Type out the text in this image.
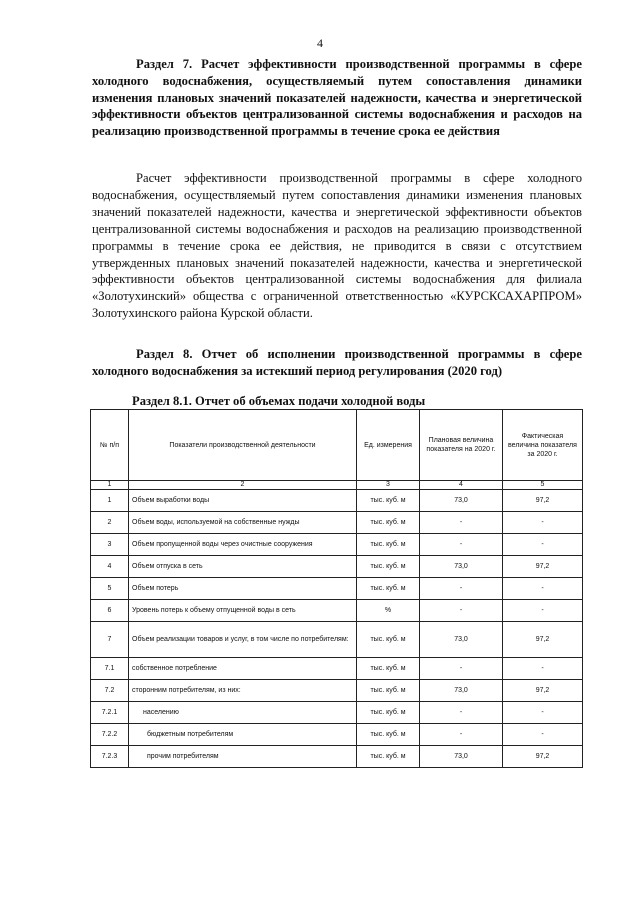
4
Раздел 7. Расчет эффективности производственной программы в сфере холодного водоснабжения, осуществляемый путем сопоставления динамики изменения плановых значений показателей надежности, качества и энергетической эффективности объектов централизованной системы водоснабжения и расходов на реализацию производственной программы в течение срока ее действия
Расчет эффективности производственной программы в сфере холодного водоснабжения, осуществляемый путем сопоставления динамики изменения плановых значений показателей надежности, качества и энергетической эффективности объектов централизованной системы водоснабжения и расходов на реализацию производственной программы в течение срока ее действия, не приводится в связи с отсутствием утвержденных плановых значений показателей надежности, качества и энергетической эффективности объектов централизованной системы водоснабжения для филиала «Золотухинский» общества с ограниченной ответственностью «КУРСКСАХАРПРОМ» Золотухинского района Курской области.
Раздел 8. Отчет об исполнении производственной программы в сфере холодного водоснабжения за истекший период регулирования (2020 год)
Раздел 8.1. Отчет об объемах подачи холодной воды
№ п/п	Показатели производственной деятельности	Ед. измерения	Плановая величина показателя на 2020 г.	Фактическая величина показателя за 2020 г.
1	2	3	4	5
1	Объем выработки воды	тыс. куб. м	73,0	97,2
2	Объем воды, используемой на собственные нужды	тыс. куб. м	-	-
3	Объем пропущенной воды через очистные сооружения	тыс. куб. м	-	-
4	Объем отпуска в сеть	тыс. куб. м	73,0	97,2
5	Объем потерь	тыс. куб. м	-	-
6	Уровень потерь к объему отпущенной воды в сеть	%	-	-
7	Объем реализации товаров и услуг, в том числе по потребителям:	тыс. куб. м	73,0	97,2
7.1	собственное потребление	тыс. куб. м	-	-
7.2	сторонним потребителям, из них:	тыс. куб. м	73,0	97,2
7.2.1	населению	тыс. куб. м	-	-
7.2.2	бюджетным потребителям	тыс. куб. м	-	-
7.2.3	прочим потребителям	тыс. куб. м	73,0	97,2
